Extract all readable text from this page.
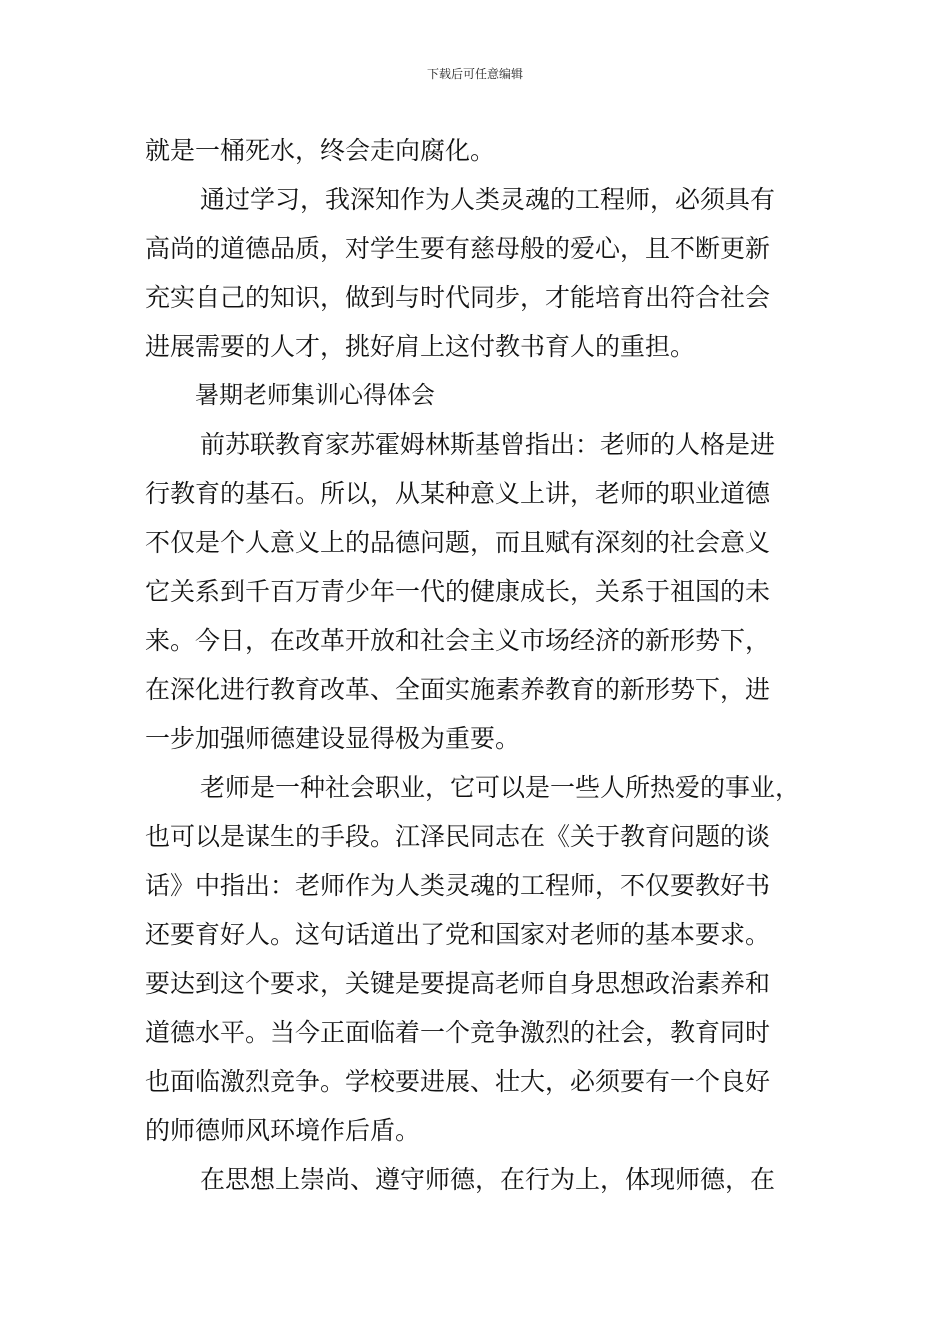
下载后可任意编辑
就是一桶死水，终会走向腐化。
通过学习，我深知作为人类灵魂的工程师，必须具有
高尚的道德品质，对学生要有慈母般的爱心，且不断更新
充实自己的知识，做到与时代同步，才能培育出符合社会
进展需要的人才，挑好肩上这付教书育人的重担。
暑期老师集训心得体会
前苏联教育家苏霍姆林斯基曾指出：老师的人格是进
行教育的基石。所以，从某种意义上讲，老师的职业道德
不仅是个人意义上的品德问题，而且赋有深刻的社会意义
它关系到千百万青少年一代的健康成长，关系于祖国的未
来。今日，在改革开放和社会主义市场经济的新形势下，
在深化进行教育改革、全面实施素养教育的新形势下，进
一步加强师德建设显得极为重要。
老师是一种社会职业，它可以是一些人所热爱的事业，
也可以是谋生的手段。江泽民同志在《关于教育问题的谈
话》中指出：老师作为人类灵魂的工程师，不仅要教好书
还要育好人。这句话道出了党和国家对老师的基本要求。
要达到这个要求，关键是要提高老师自身思想政治素养和
道德水平。当今正面临着一个竞争激烈的社会，教育同时
也面临激烈竞争。学校要进展、壮大，必须要有一个良好
的师德师风环境作后盾。
在思想上崇尚、遵守师德，在行为上，体现师德，在
